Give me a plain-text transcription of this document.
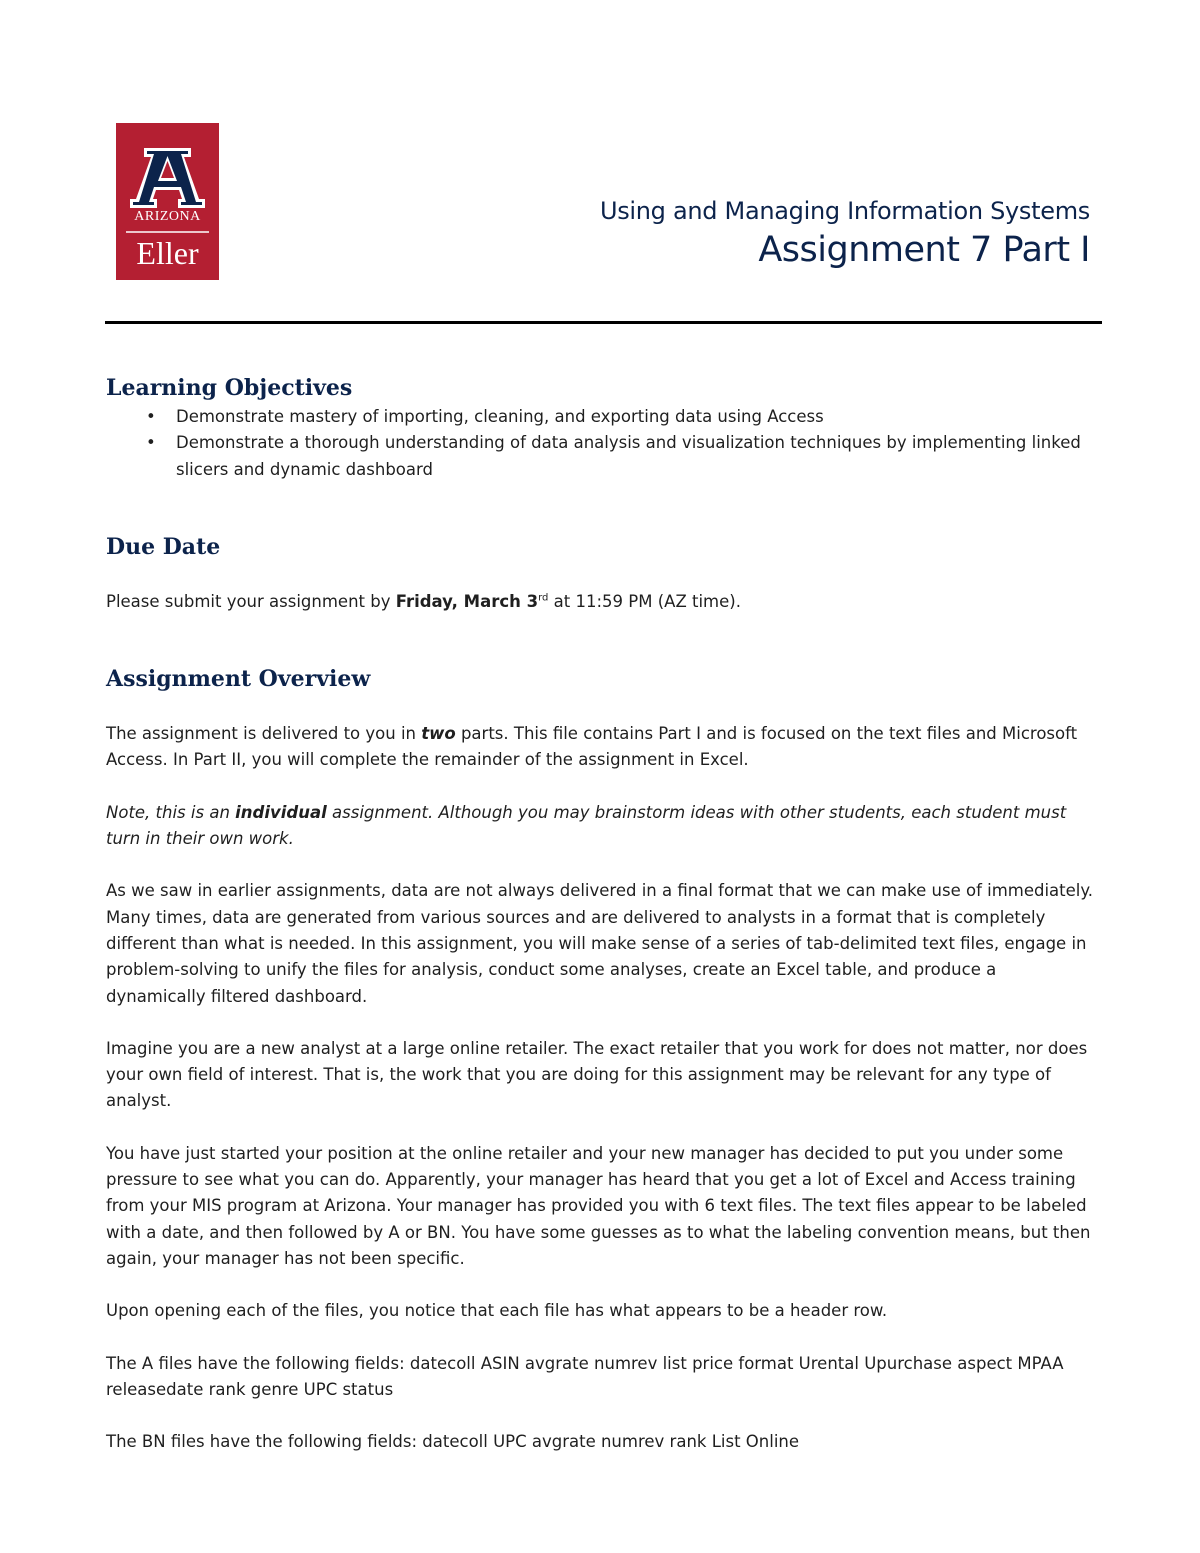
ARIZONA
Eller
Using and Managing Information Systems
Assignment 7 Part I
Learning Objectives
• Demonstrate mastery of importing, cleaning, and exporting data using Access
• Demonstrate a thorough understanding of data analysis and visualization techniques by implementing linked slicers and dynamic dashboard
Due Date

Please submit your assignment by Friday, March 3rd at 11:59 PM (AZ time).

Assignment Overview

The assignment is delivered to you in two parts. This file contains Part I and is focused on the text files and Microsoft Access. In Part II, you will complete the remainder of the assignment in Excel.

Note, this is an individual assignment. Although you may brainstorm ideas with other students, each student must turn in their own work.

As we saw in earlier assignments, data are not always delivered in a final format that we can make use of immediately. Many times, data are generated from various sources and are delivered to analysts in a format that is completely different than what is needed. In this assignment, you will make sense of a series of tab-delimited text files, engage in problem-solving to unify the files for analysis, conduct some analyses, create an Excel table, and produce a dynamically filtered dashboard.

Imagine you are a new analyst at a large online retailer. The exact retailer that you work for does not matter, nor does your own field of interest. That is, the work that you are doing for this assignment may be relevant for any type of analyst.

You have just started your position at the online retailer and your new manager has decided to put you under some pressure to see what you can do. Apparently, your manager has heard that you get a lot of Excel and Access training from your MIS program at Arizona. Your manager has provided you with 6 text files. The text files appear to be labeled with a date, and then followed by A or BN. You have some guesses as to what the labeling convention means, but then again, your manager has not been specific.

Upon opening each of the files, you notice that each file has what appears to be a header row.

The A files have the following fields: datecoll ASIN avgrate numrev list price format Urental Upurchase aspect MPAA releasedate rank genre UPC status

The BN files have the following fields: datecoll UPC avgrate numrev rank List Online
